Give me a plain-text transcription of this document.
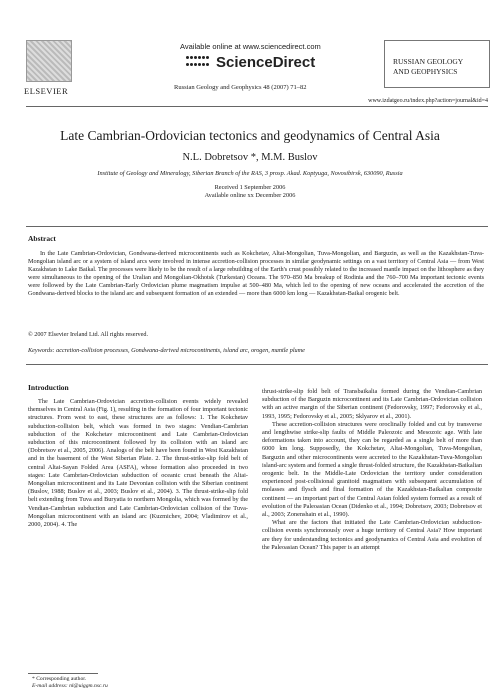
ELSEVIER
Available online at www.sciencedirect.com
ScienceDirect
Russian Geology and Geophysics 48 (2007) 71–82
RUSSIAN GEOLOGY
AND GEOPHYSICS
www.izdatgeo.ru/index.php?action=journal&id=4
Late Cambrian-Ordovician tectonics and geodynamics of Central Asia
N.L. Dobretsov *, M.M. Buslov
Institute of Geology and Mineralogy, Siberian Branch of the RAS, 3 prosp. Akad. Koptyuga, Novosibirsk, 630090, Russia
Received 1 September 2006
Available online xx December 2006
Abstract

In the Late Cambrian-Ordovician, Gondwana-derived microcontinents such as Kokchetav, Altai-Mongolian, Tuva-Mongolian, and Barguzin, as well as the Kazakhstan-Tuva-Mongolian island arc or a system of island arcs were involved in intense accretion-collision processes in similar geodynamic settings on a vast territory of Central Asia — from West Kazakhstan to Lake Baikal. The processes were likely to be the result of a large rebuilding of the Earth's crust possibly related to the increased mantle impact on the lithosphere as they were simultaneous to the opening of the Uralian and Mongolian-Okhotsk (Turkestan) Oceans. The 970–850 Ma breakup of Rodinia and the 760–700 Ma important tectonic events were followed by the Late Cambrian-Early Ordovician plume magmatism impulse at 500–480 Ma, which led to the opening of new oceans and accelerated the accretion of the Gondwana-derived blocks to the island arc and subsequent formation of an extended — more than 6000 km long — Kazakhstan-Baikal orogenic belt.

© 2007 Elsevier Ireland Ltd. All rights reserved.
Keywords: accretion-collision processes, Gondwana-derived microcontinents, island arc, orogen, mantle plume
Introduction

The Late Cambrian-Ordovician accretion-collision events widely revealed themselves in Central Asia (Fig. 1), resulting in the formation of four important tectonic structures. From west to east, these structures are as follows: 1. The Kokchetav subduction-collision belt, which was formed in two stages: Vendian-Cambrian subduction of the Kokchetav microcontinent and Late Cambrian-Ordovician subduction of this microcontinent followed by its collision with an island arc (Dobretsov et al., 2005, 2006). Analogs of the belt have been found in West Kazakhstan and in the basement of the West Siberian Plate. 2. The thrust-strike-slip fold belt of central Altai-Sayan Folded Area (ASFA), whose formation also proceeded in two stages: Late Cambrian-Ordovician subduction of oceanic crust beneath the Altai-Mongolian microcontinent and its Late Devonian collision with the Siberian continent (Buslov, 1988; Buslov et al., 2003; Buslov et al., 2004). 3. The thrust-strike-slip fold belt extending from Tuva and Buryatia to northern Mongolia, which was formed by the Vendian-Cambrian subduction and Late Cambrian-Ordovician collision of the Tuva-Mongolian microcontinent with an island arc (Kuzmichev, 2004; Vladimirov et al., 2000, 2004). 4. The

thrust-strike-slip fold belt of Transbaikalia formed during the Vendian-Cambrian subduction of the Barguzin microcontinent and its Late Cambrian-Ordovician collision with an active margin of the Siberian continent (Fedorovsky, 1997; Fedorovsky et al., 1993, 1995; Fedorovsky et al., 2005; Sklyarov et al., 2001).

These accretion-collision structures were oroclinally folded and cut by transverse and lengthwise strike-slip faults of Middle Paleozoic and Mesozoic age. With late deformations taken into account, they can be regarded as a single belt of more than 6000 km long. Supposedly, the Kokchetav, Altai-Mongolian, Tuva-Mongolian, Barguzin and other microcontinents were accreted to the Kazakhstan-Tuva-Mongolian island-arc system and formed a single thrust-folded structure, the Kazakhstan-Baikalian orogenic belt. In the Middle-Late Ordovician the territory under consideration experienced post-collisional granitoid magmatism with subsequent accumulation of molasses and flysch and final formation of the Kazakhstan-Baikalian composite continent — an important part of the Central Asian folded system formed as a result of evolution of the Paleoasian Ocean (Didenko et al., 1994; Dobretsov, 2003; Dobretsov et al., 2003; Zonenshain et al., 1990).

What are the factors that initiated the Late Cambrian-Ordovician subduction-collision events synchronously over a huge territory of Central Asia? How important are they for understanding tectonics and geodynamics of Central Asia and evolution of the Paleoasian Ocean? This paper is an attempt

* Corresponding author.
E-mail address: nl@uiggm.nsc.ru
